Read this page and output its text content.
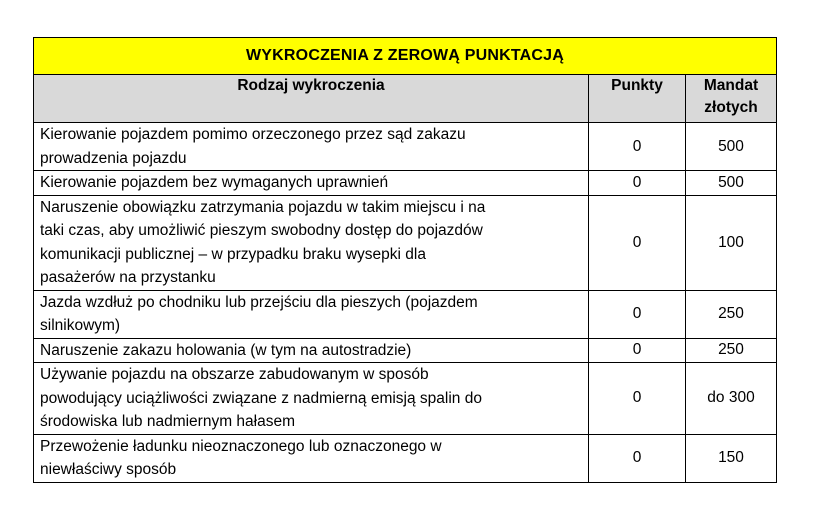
WYKROCZENIA Z ZEROWĄ PUNKTACJĄ		
Rodzaj wykroczenia	Punkty	Mandat
złotych
Kierowanie pojazdem pomimo orzeczonego przez sąd zakazu
prowadzenia pojazdu	0	500
Kierowanie pojazdem bez wymaganych uprawnień	0	500
Naruszenie obowiązku zatrzymania pojazdu w takim miejscu i na
taki czas, aby umożliwić pieszym swobodny dostęp do pojazdów
komunikacji publicznej – w przypadku braku wysepki dla
pasażerów na przystanku	0	100
Jazda wzdłuż po chodniku lub przejściu dla pieszych (pojazdem
silnikowym)	0	250
Naruszenie zakazu holowania (w tym na autostradzie)	0	250
Używanie pojazdu na obszarze zabudowanym w sposób
powodujący uciążliwości związane z nadmierną emisją spalin do
środowiska lub nadmiernym hałasem	0	do 300
Przewożenie ładunku nieoznaczonego lub oznaczonego w
niewłaściwy sposób	0	150
